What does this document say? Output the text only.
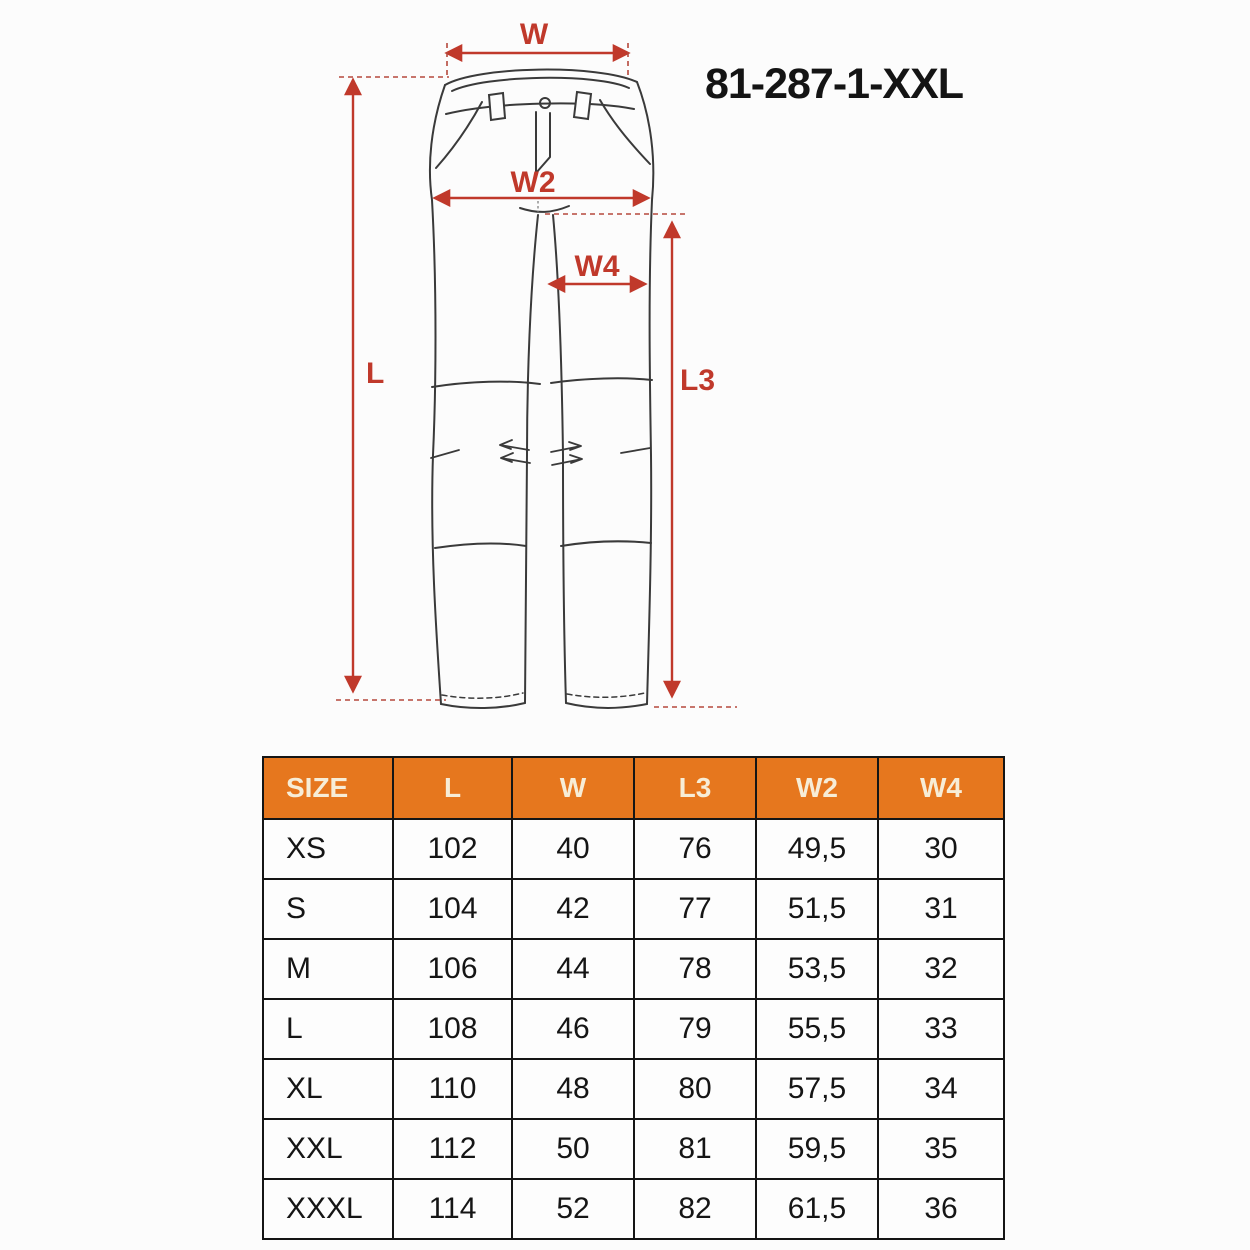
W
W2
W4
L	L3
81-287-1-XXL
SIZE	L	W	L3	W2	W4
XS	102	40	76	49,5	30
S	104	42	77	51,5	31
M	106	44	78	53,5	32
L	108	46	79	55,5	33
XL	110	48	80	57,5	34
XXL	112	50	81	59,5	35
XXXL	114	52	82	61,5	36
